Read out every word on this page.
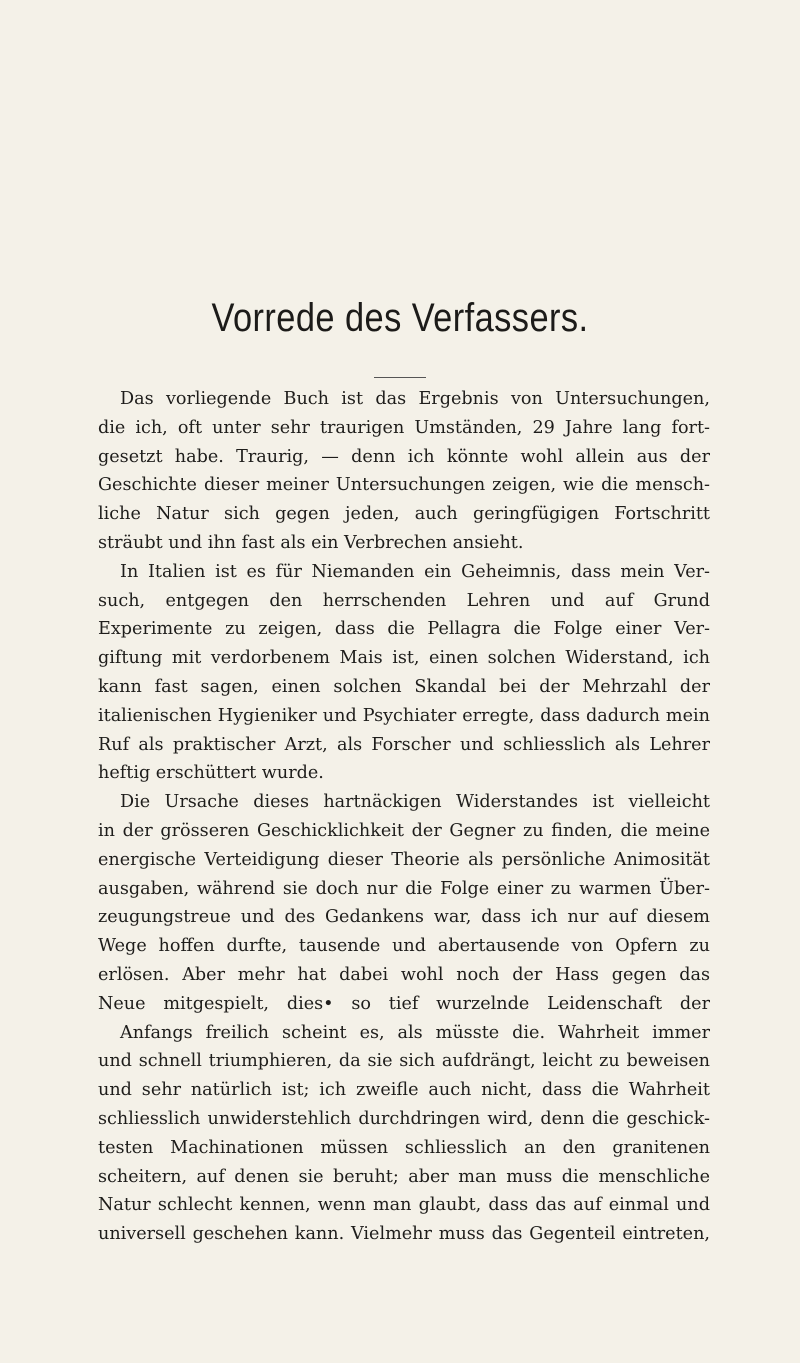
Vorrede des Verfassers.
Das vorliegende Buch ist das Ergebnis von Untersuchungen,
die ich, oft unter sehr traurigen Umständen, 29 Jahre lang fort-
gesetzt habe. Traurig, — denn ich könnte wohl allein aus der
Geschichte dieser meiner Untersuchungen zeigen, wie die mensch-
liche Natur sich gegen jeden, auch geringfügigen Fortschritt
sträubt und ihn fast als ein Verbrechen ansieht.
In Italien ist es für Niemanden ein Geheimnis, dass mein Ver-
such, entgegen den herrschenden Lehren und auf Grund
Experimente zu zeigen, dass die Pellagra die Folge einer Ver-
giftung mit verdorbenem Mais ist, einen solchen Widerstand, ich
kann fast sagen, einen solchen Skandal bei der Mehrzahl der
italienischen Hygieniker und Psychiater erregte, dass dadurch mein
Ruf als praktischer Arzt, als Forscher und schliesslich als Lehrer
heftig erschüttert wurde.
Die Ursache dieses hartnäckigen Widerstandes ist vielleicht
in der grösseren Geschicklichkeit der Gegner zu finden, die meine
energische Verteidigung dieser Theorie als persönliche Animosität
ausgaben, während sie doch nur die Folge einer zu warmen Über-
zeugungstreue und des Gedankens war, dass ich nur auf diesem
Wege hoffen durfte, tausende und abertausende von Opfern zu
erlösen. Aber mehr hat dabei wohl noch der Hass gegen das
Neue mitgespielt, dies• so tief wurzelnde Leidenschaft der
Anfangs freilich scheint es, als müsste die. Wahrheit immer
und schnell triumphieren, da sie sich aufdrängt, leicht zu beweisen
und sehr natürlich ist; ich zweifle auch nicht, dass die Wahrheit
schliesslich unwiderstehlich durchdringen wird, denn die geschick-
testen Machinationen müssen schliesslich an den granitenen
scheitern, auf denen sie beruht; aber man muss die menschliche
Natur schlecht kennen, wenn man glaubt, dass das auf einmal und
universell geschehen kann. Vielmehr muss das Gegenteil eintreten,
